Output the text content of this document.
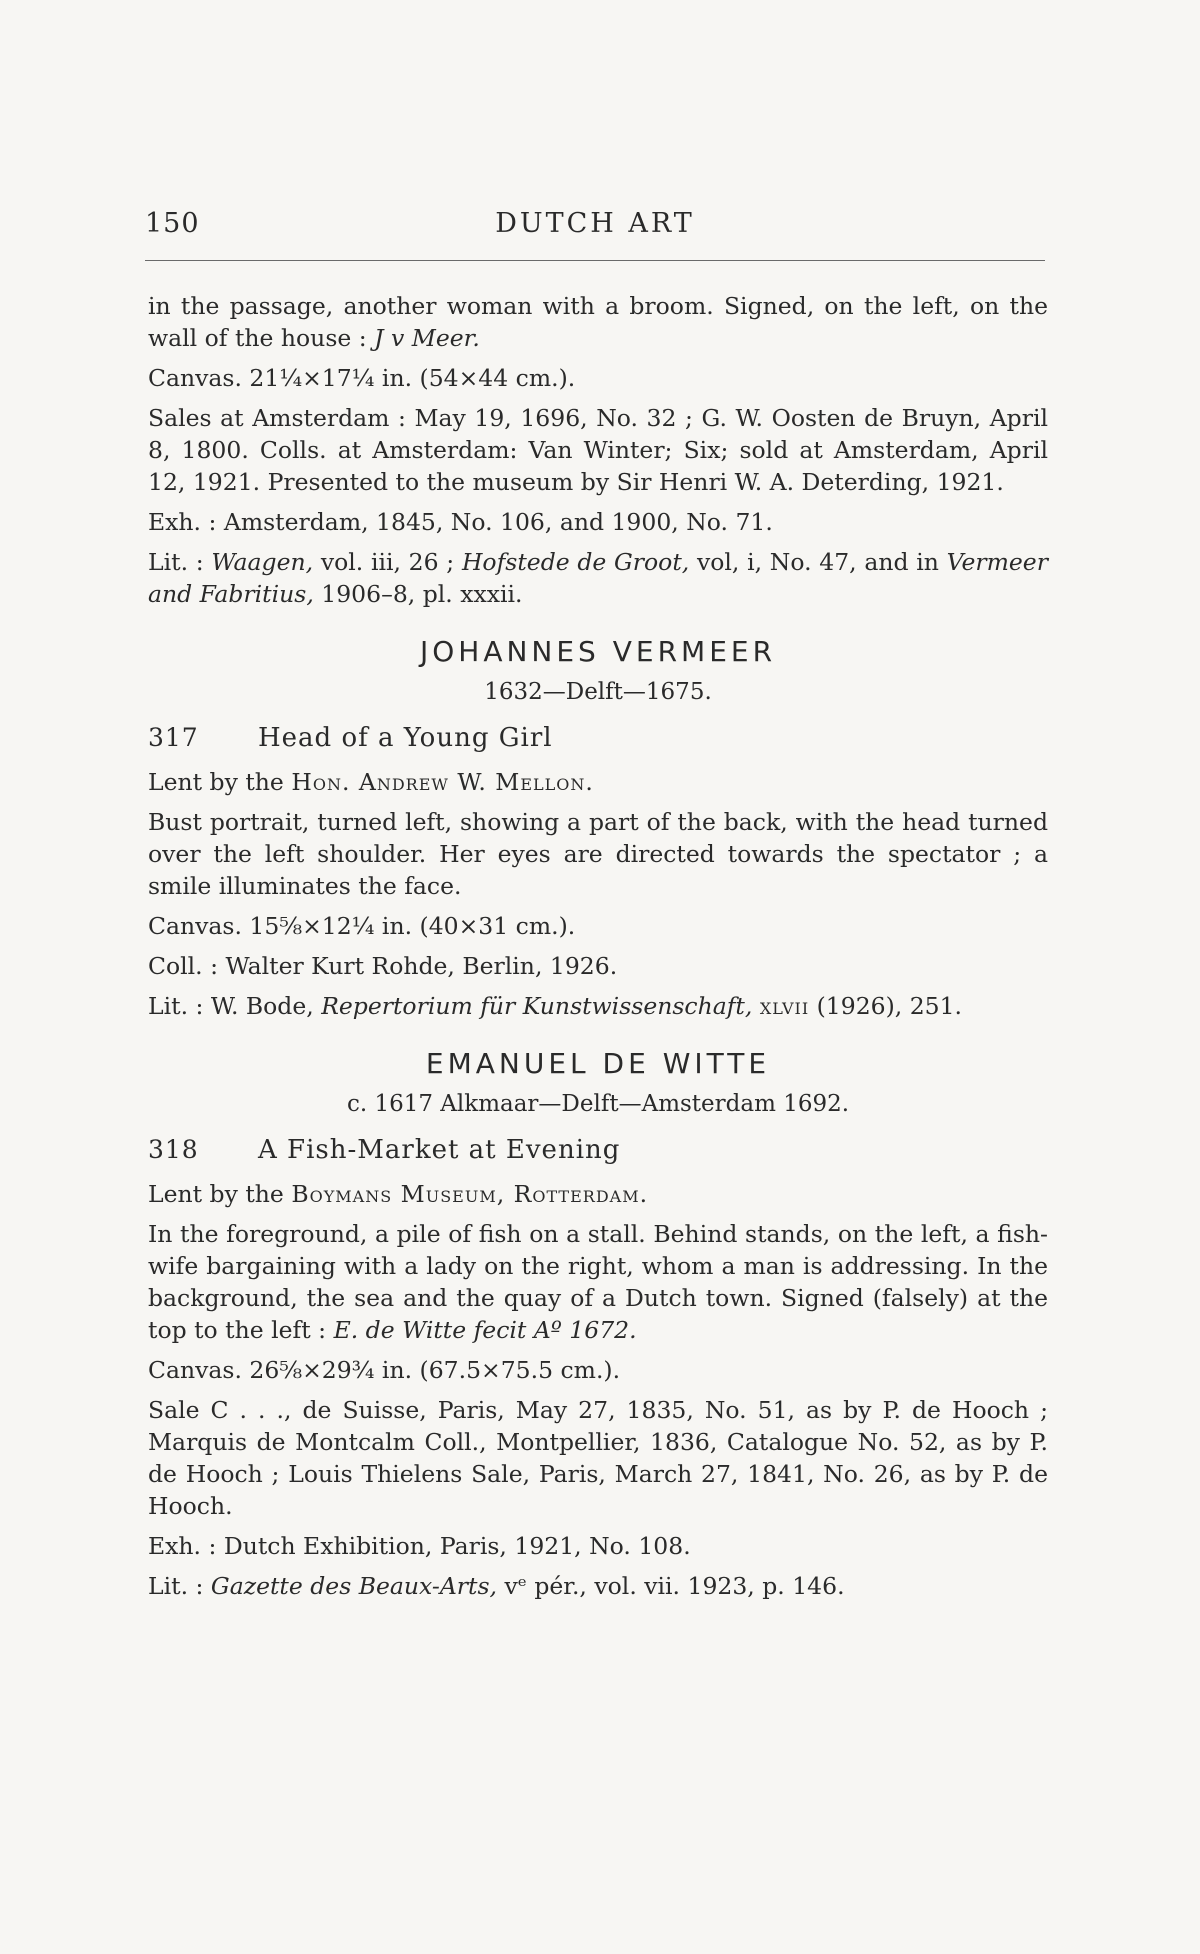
150	DUTCH ART

in the passage, another woman with a broom. Signed, on the left, on the wall of the house : J v Meer.

Canvas. 21¼×17¼ in. (54×44 cm.).

Sales at Amsterdam : May 19, 1696, No. 32 ; G. W. Oosten de Bruyn, April 8, 1800. Colls. at Amsterdam: Van Winter; Six; sold at Amsterdam, April 12, 1921. Presented to the museum by Sir Henri W. A. Deterding, 1921.

Exh. : Amsterdam, 1845, No. 106, and 1900, No. 71.

Lit. : Waagen, vol. iii, 26 ; Hofstede de Groot, vol, i, No. 47, and in Vermeer and Fabritius, 1906–8, pl. xxxii.

JOHANNES VERMEER
1632—Delft—1675.
317	Head of a Young Girl

Lent by the Hon. Andrew W. Mellon.

Bust portrait, turned left, showing a part of the back, with the head turned over the left shoulder. Her eyes are directed towards the spectator ; a smile illuminates the face.

Canvas. 15⅝×12¼ in. (40×31 cm.).

Coll. : Walter Kurt Rohde, Berlin, 1926.

Lit. : W. Bode, Repertorium für Kunstwissenschaft, xlvii (1926), 251.

EMANUEL DE WITTE
c. 1617 Alkmaar—Delft—Amsterdam 1692.
318	A Fish-Market at Evening

Lent by the Boymans Museum, Rotterdam.

In the foreground, a pile of fish on a stall. Behind stands, on the left, a fish-wife bargaining with a lady on the right, whom a man is addressing. In the background, the sea and the quay of a Dutch town. Signed (falsely) at the top to the left : E. de Witte fecit Aº 1672.

Canvas. 26⅝×29¾ in. (67.5×75.5 cm.).

Sale C . . ., de Suisse, Paris, May 27, 1835, No. 51, as by P. de Hooch ; Marquis de Montcalm Coll., Montpellier, 1836, Catalogue No. 52, as by P. de Hooch ; Louis Thielens Sale, Paris, March 27, 1841, No. 26, as by P. de Hooch.

Exh. : Dutch Exhibition, Paris, 1921, No. 108.

Lit. : Gazette des Beaux-Arts, vᵉ pér., vol. vii. 1923, p. 146.
